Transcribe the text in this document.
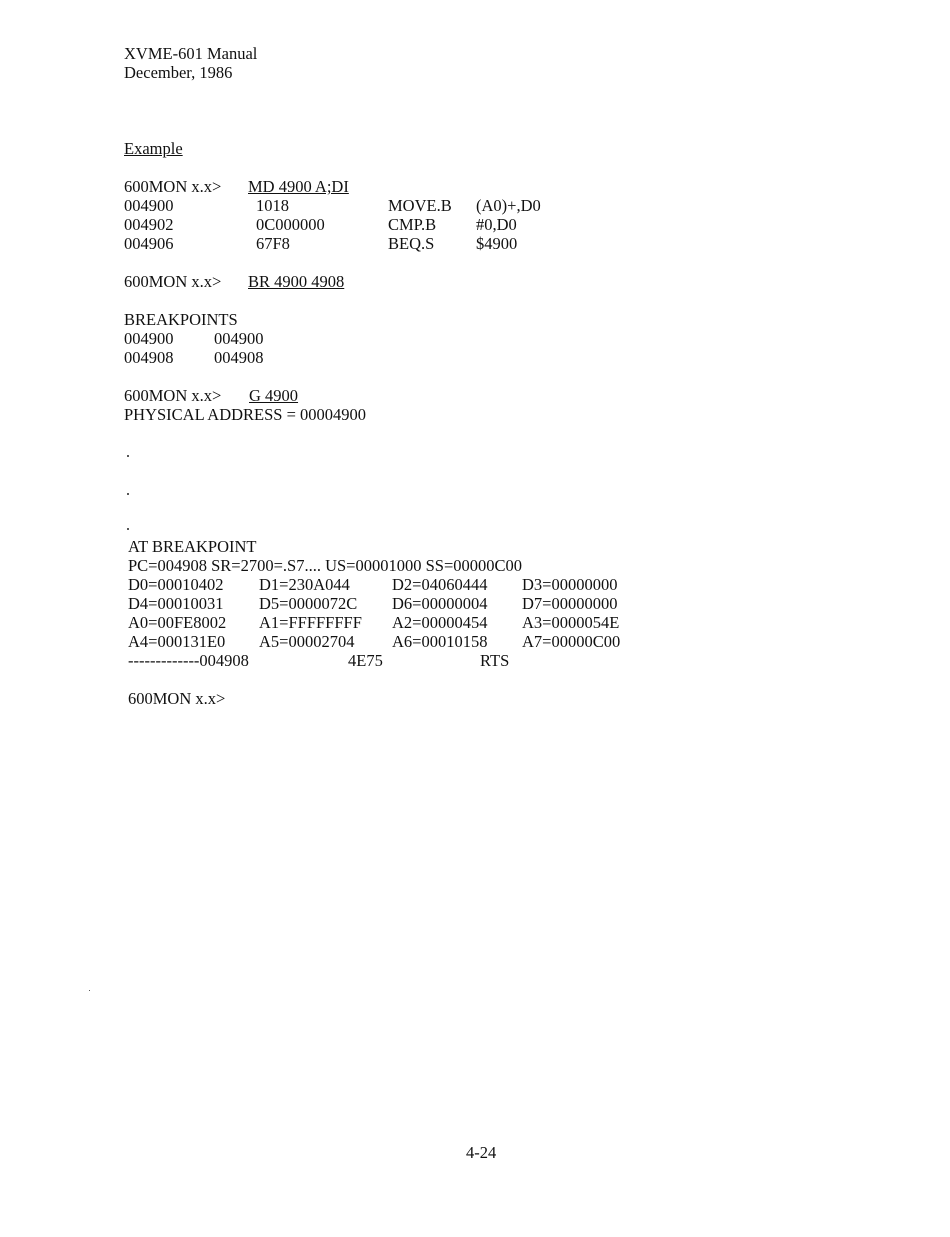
XVME-601 Manual
December, 1986
Example
600MON x.x> MD 4900 A;DI
004900	1018	MOVE.B (A0)+,D0
004902	0C000000	CMP.B #0,D0
004906	67F8	BEQ.S	$4900
600MON x.x> BR 4900 4908
BREAKPOINTS
004900 004900
004908 004908
600MON x.x> G 4900
PHYSICAL ADDRESS = 00004900
AT BREAKPOINT
PC=004908 SR=2700=.S7.... US=00001000 SS=00000C00
D0=00010402 D1=230A044	D2=04060444 D3=00000000
D4=00010031 D5=0000072C D6=00000004 D7=00000000
A0=00FE8002 A1=FFFFFFFF A2=00000454 A3=0000054E
A4=000131E0 A5=00002704 A6=00010158 A7=00000C00
-------------004908	4E75	RTS
600MON x.x>
4-24
